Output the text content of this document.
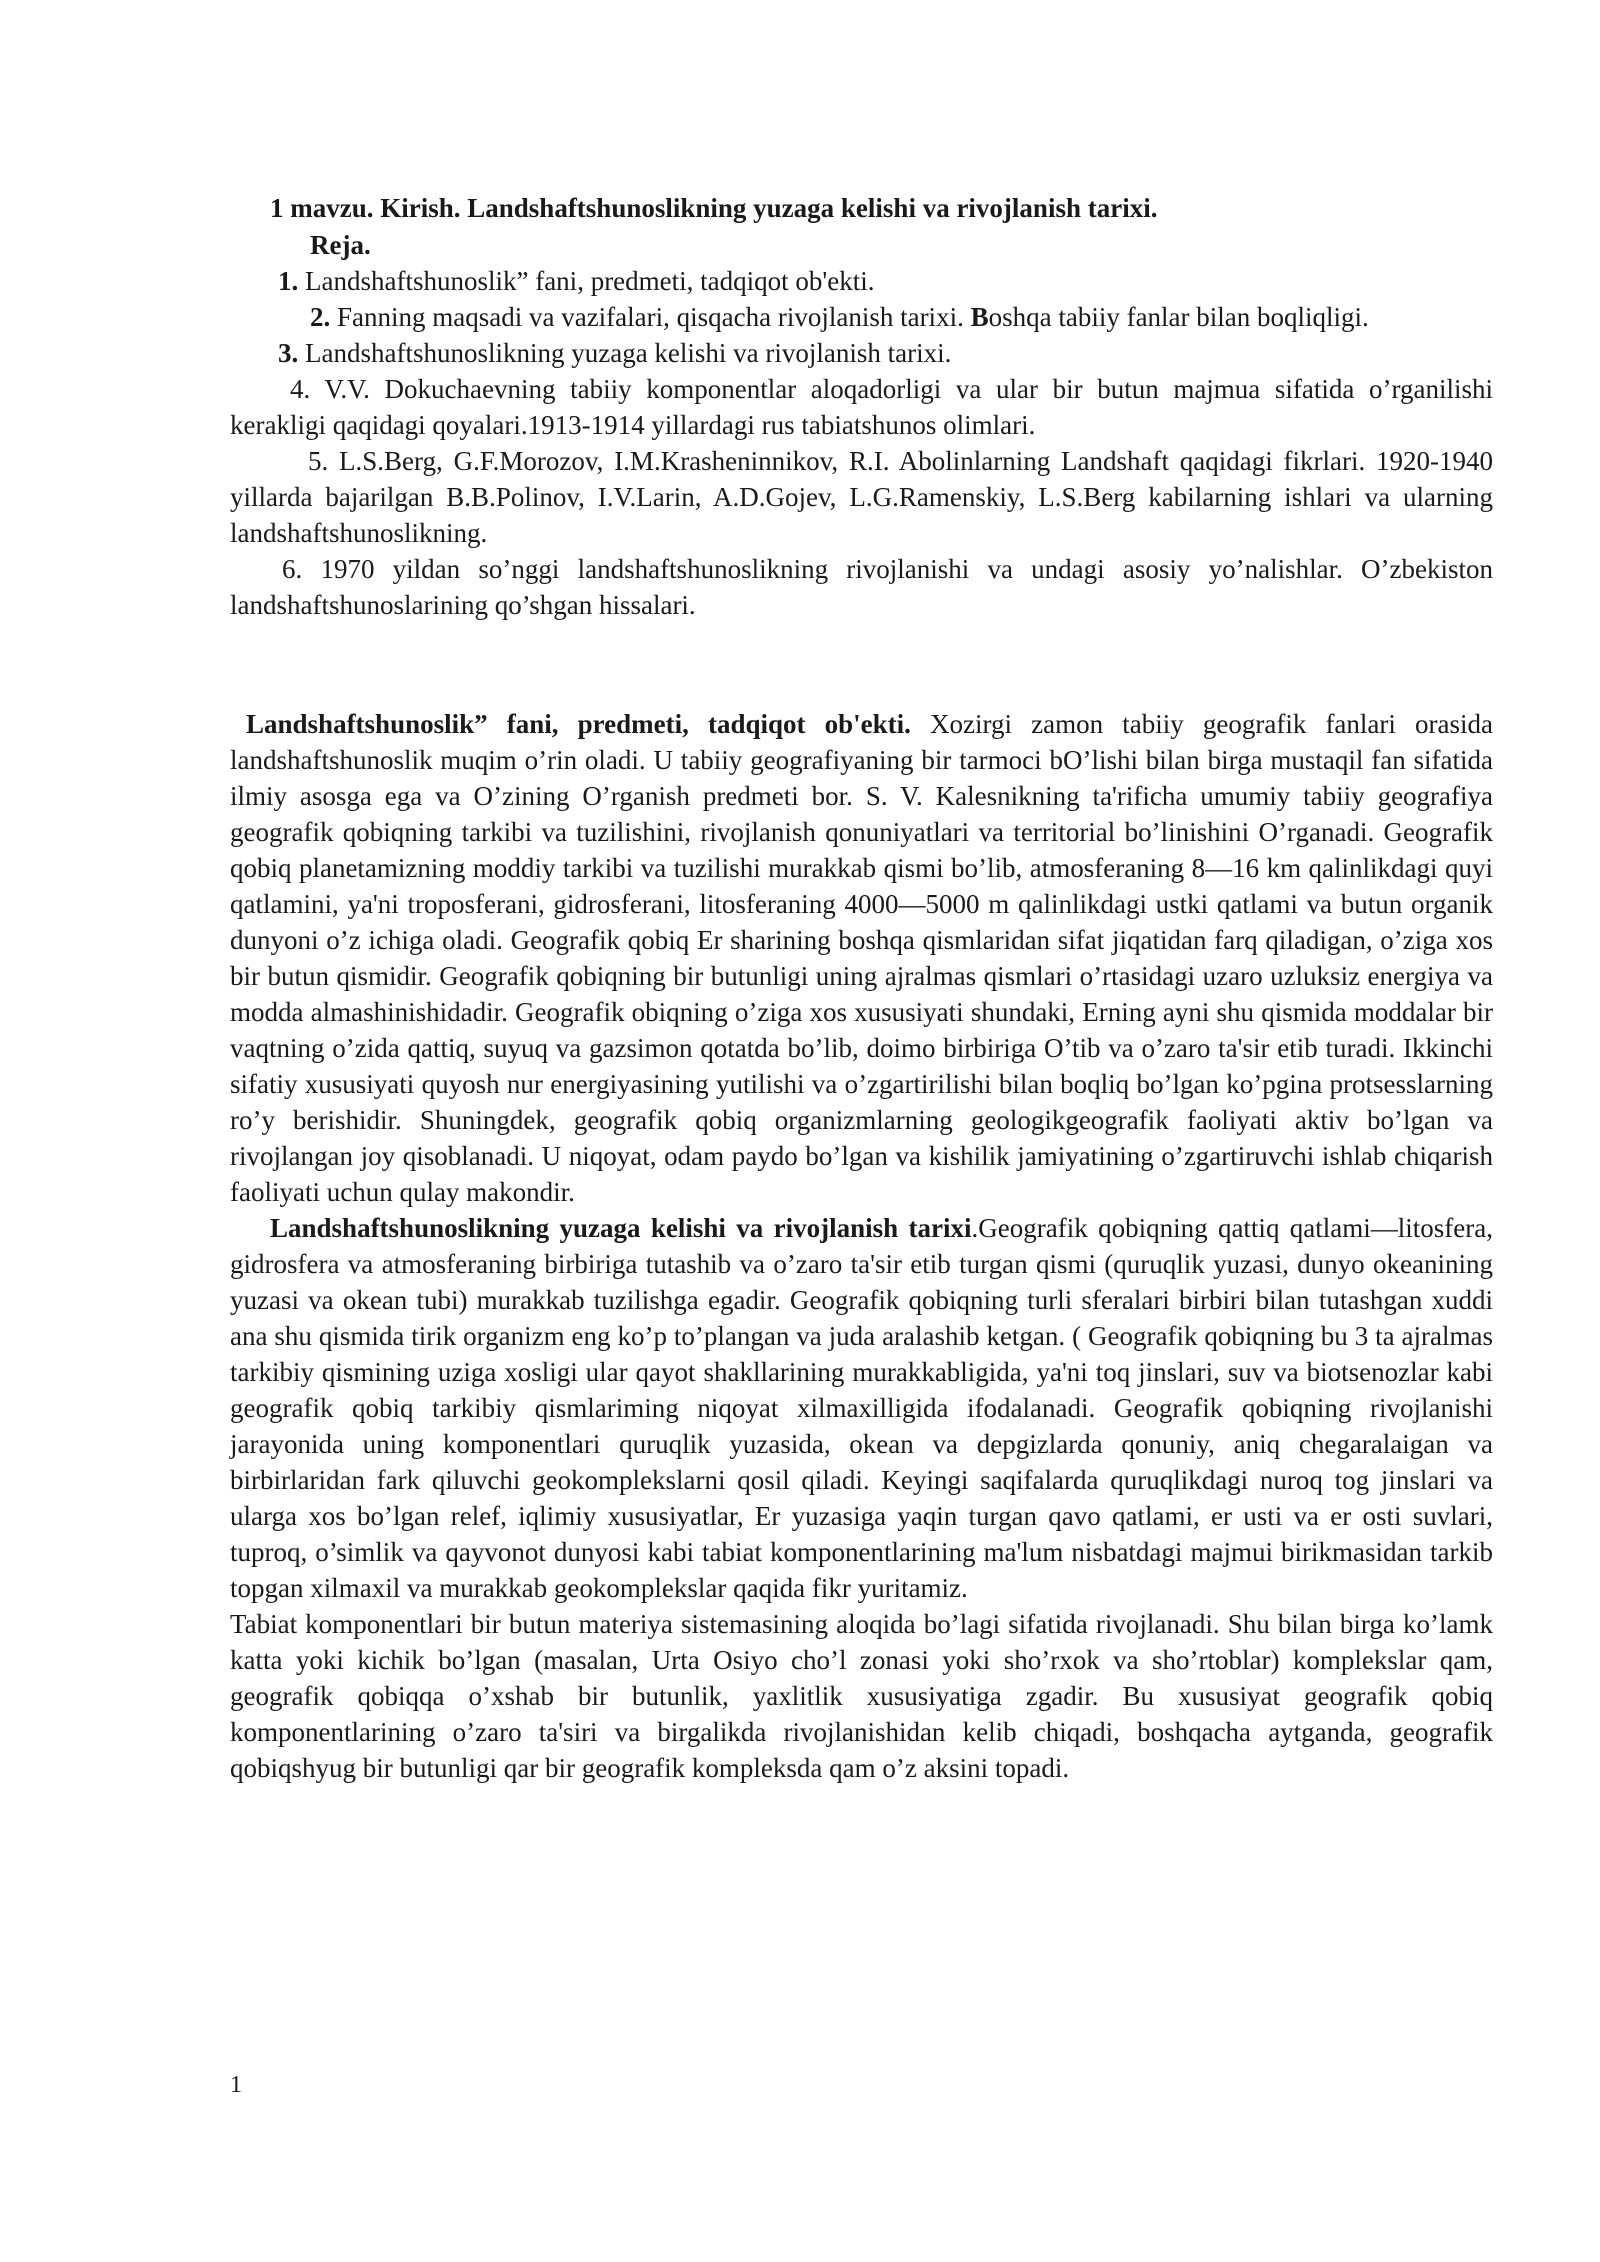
1 mavzu. Kirish. Landshaftshunoslikning yuzaga kelishi va rivojlanish tarixi.

Reja.

1. Landshaftshunoslik” fani, predmeti, tadqiqot ob'ekti.

2. Fanning maqsadi va vazifalari, qisqacha rivojlanish tarixi. Boshqa tabiiy fanlar bilan boqliqligi.

3. Landshaftshunoslikning yuzaga kelishi va rivojlanish tarixi.

4. V.V. Dokuchaevning tabiiy komponentlar aloqadorligi va ular bir butun majmua sifatida o’rganilishi kerakligi qaqidagi qoyalari.1913-1914 yillardagi rus tabiatshunos olimlari.

5. L.S.Berg, G.F.Morozov, I.M.Krasheninnikov, R.I. Abolinlarning Landshaft qaqidagi fikrlari. 1920-1940 yillarda bajarilgan B.B.Polinov, I.V.Larin, A.D.Gojev, L.G.Ramenskiy, L.S.Berg kabilarning ishlari va ularning landshaftshunoslikning.

6. 1970 yildan so’nggi landshaftshunoslikning rivojlanishi va undagi asosiy yo’nalishlar. O’zbekiston landshaftshunoslarining qo’shgan hissalari.

Landshaftshunoslik” fani, predmeti, tadqiqot ob'ekti. Xozirgi zamon tabiiy geografik fanlari orasida landshaftshunoslik muqim o’rin oladi. U tabiiy geografiyaning bir tarmoci bO’lishi bilan birga mustaqil fan sifatida ilmiy asosga ega va O’zining O’rganish predmeti bor. S. V. Kalesnikning ta'rificha umumiy tabiiy geografiya geografik qobiqning tarkibi va tuzilishini, rivojlanish qonuniyatlari va territorial bo’linishini O’rganadi. Geografik qobiq planetamizning moddiy tarkibi va tuzilishi murakkab qismi bo’lib, atmosferaning 8—16 km qalinlikdagi quyi qatlamini, ya'ni troposferani, gidrosferani, litosferaning 4000—5000 m qalinlikdagi ustki qatlami va butun organik dunyoni o’z ichiga oladi. Geografik qobiq Er sharining boshqa qismlaridan sifat jiqatidan farq qiladigan, o’ziga xos bir butun qismidir. Geografik qobiqning bir butunligi uning ajralmas qismlari o’rtasidagi uzaro uzluksiz energiya va modda almashinishidadir. Geografik obiqning o’ziga xos xususiyati shundaki, Erning ayni shu qismida moddalar bir vaqtning o’zida qattiq, suyuq va gazsimon qotatda bo’lib, doimo birbiriga O’tib va o’zaro ta'sir etib turadi. Ikkinchi sifatiy xususiyati quyosh nur energiyasining yutilishi va o’zgartirilishi bilan boqliq bo’lgan ko’pgina protsesslarning ro’y berishidir. Shuningdek, geografik qobiq organizmlarning geologikgeografik faoliyati aktiv bo’lgan va rivojlangan joy qisoblanadi. U niqoyat, odam paydo bo’lgan va kishilik jamiyatining o’zgartiruvchi ishlab chiqarish faoliyati uchun qulay makondir.

Landshaftshunoslikning yuzaga kelishi va rivojlanish tarixi.Geografik qobiqning qattiq qatlami—litosfera, gidrosfera va atmosferaning birbiriga tutashib va o’zaro ta'sir etib turgan qismi (quruqlik yuzasi, dunyo okeanining yuzasi va okean tubi) murakkab tuzilishga egadir. Geografik qobiqning turli sferalari birbiri bilan tutashgan xuddi ana shu qismida tirik organizm eng ko’p to’plangan va juda aralashib ketgan. ( Geografik qobiqning bu 3 ta ajralmas tarkibiy qismining uziga xosligi ular qayot shakllarining murakkabligida, ya'ni toq jinslari, suv va biotsenozlar kabi geografik qobiq tarkibiy qismlariming niqoyat xilmaxilligida ifodalanadi. Geografik qobiqning rivojlanishi jarayonida uning komponentlari quruqlik yuzasida, okean va depgizlarda qonuniy, aniq chegaralaigan va birbirlaridan fark qiluvchi geokomplekslarni qosil qiladi. Keyingi saqifalarda quruqlikdagi nuroq tog jinslari va ularga xos bo’lgan relef, iqlimiy xususiyatlar, Er yuzasiga yaqin turgan qavo qatlami, er usti va er osti suvlari, tuproq, o’simlik va qayvonot dunyosi kabi tabiat komponentlarining ma'lum nisbatdagi majmui birikmasidan tarkib topgan xilmaxil va murakkab geokomplekslar qaqida fikr yuritamiz.

Tabiat komponentlari bir butun materiya sistemasining aloqida bo’lagi sifatida rivojlanadi. Shu bilan birga ko’lamk katta yoki kichik bo’lgan (masalan, Urta Osiyo cho’l zonasi yoki sho’rxok va sho’rtoblar) komplekslar qam, geografik qobiqqa o’xshab bir butunlik, yaxlitlik xususiyatiga zgadir. Bu xususiyat geografik qobiq komponentlarining o’zaro ta'siri va birgalikda rivojlanishidan kelib chiqadi, boshqacha aytganda, geografik qobiqshyug bir butunligi qar bir geografik kompleksda qam o’z aksini topadi.

1
